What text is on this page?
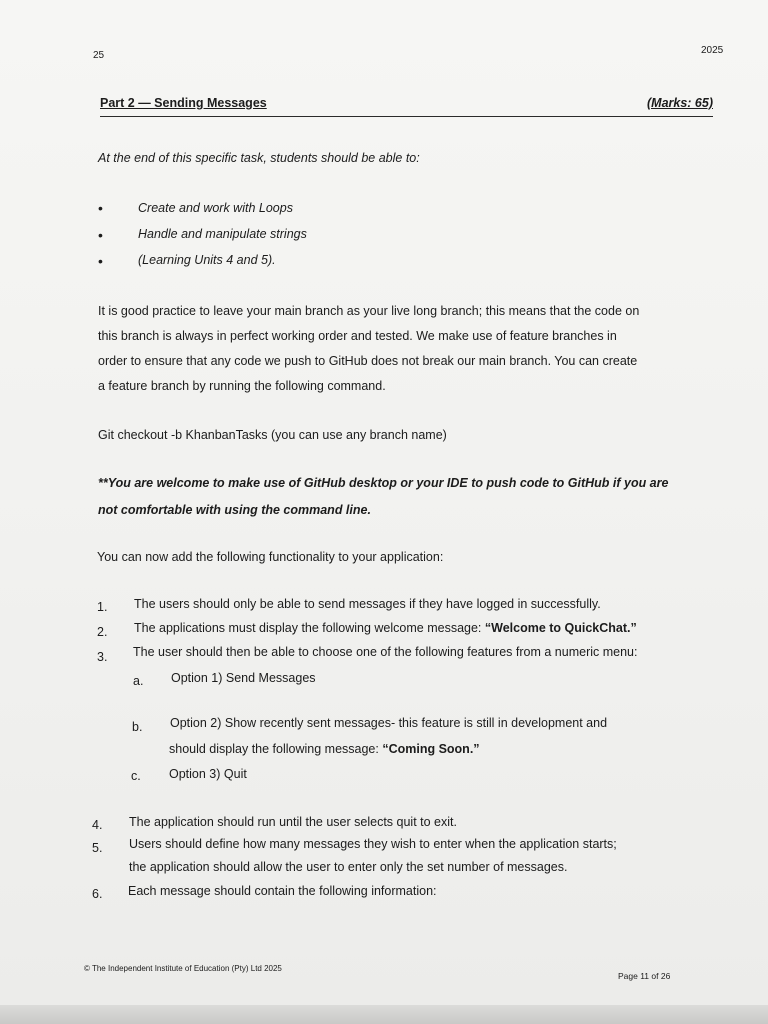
25	2025
Part 2 — Sending Messages	(Marks: 65)
At the end of this specific task, students should be able to:
•	Create and work with Loops
•	Handle and manipulate strings
•	(Learning Units 4 and 5).
It is good practice to leave your main branch as your live long branch; this means that the code on
this branch is always in perfect working order and tested. We make use of feature branches in
order to ensure that any code we push to GitHub does not break our main branch. You can create
a feature branch by running the following command.
Git checkout -b KhanbanTasks (you can use any branch name)
**You are welcome to make use of GitHub desktop or your IDE to push code to GitHub if you are
not comfortable with using the command line.
You can now add the following functionality to your application:
1. The users should only be able to send messages if they have logged in successfully.
2. The applications must display the following welcome message: “Welcome to QuickChat.”
3. The user should then be able to choose one of the following features from a numeric menu:
a. Option 1) Send Messages
b. Option 2) Show recently sent messages- this feature is still in development and
should display the following message: “Coming Soon.”
c. Option 3) Quit
4. The application should run until the user selects quit to exit.
5. Users should define how many messages they wish to enter when the application starts;
the application should allow the user to enter only the set number of messages.
6. Each message should contain the following information:
© The Independent Institute of Education (Pty) Ltd 2025
Page 11 of 26
